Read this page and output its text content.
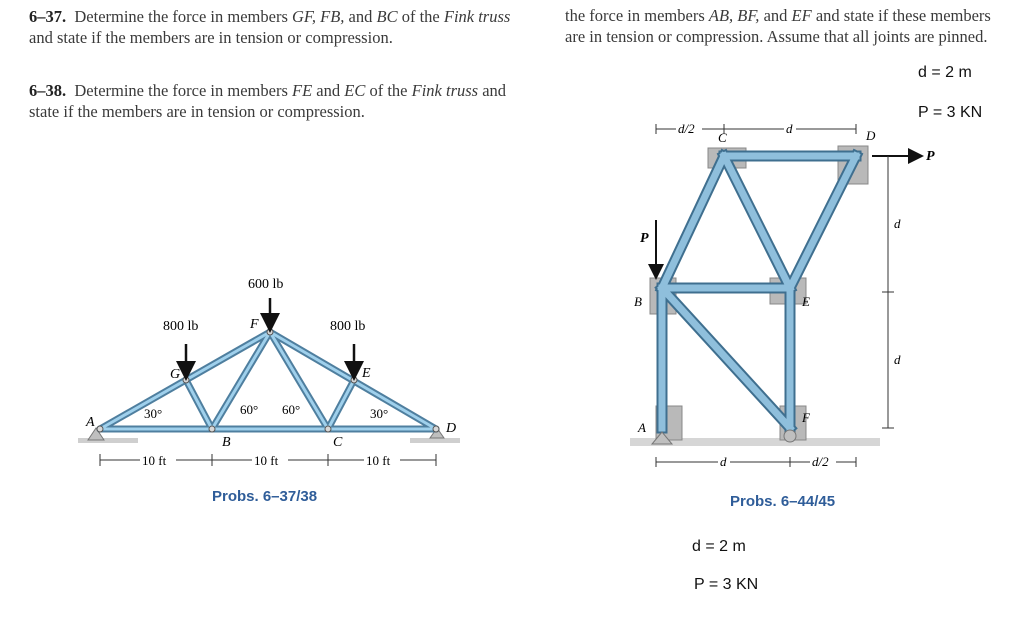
6–37. Determine the force in members GF, FB, and BC of the Fink truss and state if the members are in tension or compression.
6–38. Determine the force in members FE and EC of the Fink truss and state if the members are in tension or compression.
the force in members AB, BF, and EF and state if these members are in tension or compression. Assume that all joints are pinned.
d = 2 m
P = 3 KN
800 lb
600 lb
800 lb
A
B	C
D
E
F
G
30°	60° 60°	30°
10 ft	10 ft	10 ft
Probs. 6–37/38
P
P
A
B
C	D
E
F
d/2	d
d
d
d	d/2
Probs. 6–44/45
d = 2 m
P = 3 KN
